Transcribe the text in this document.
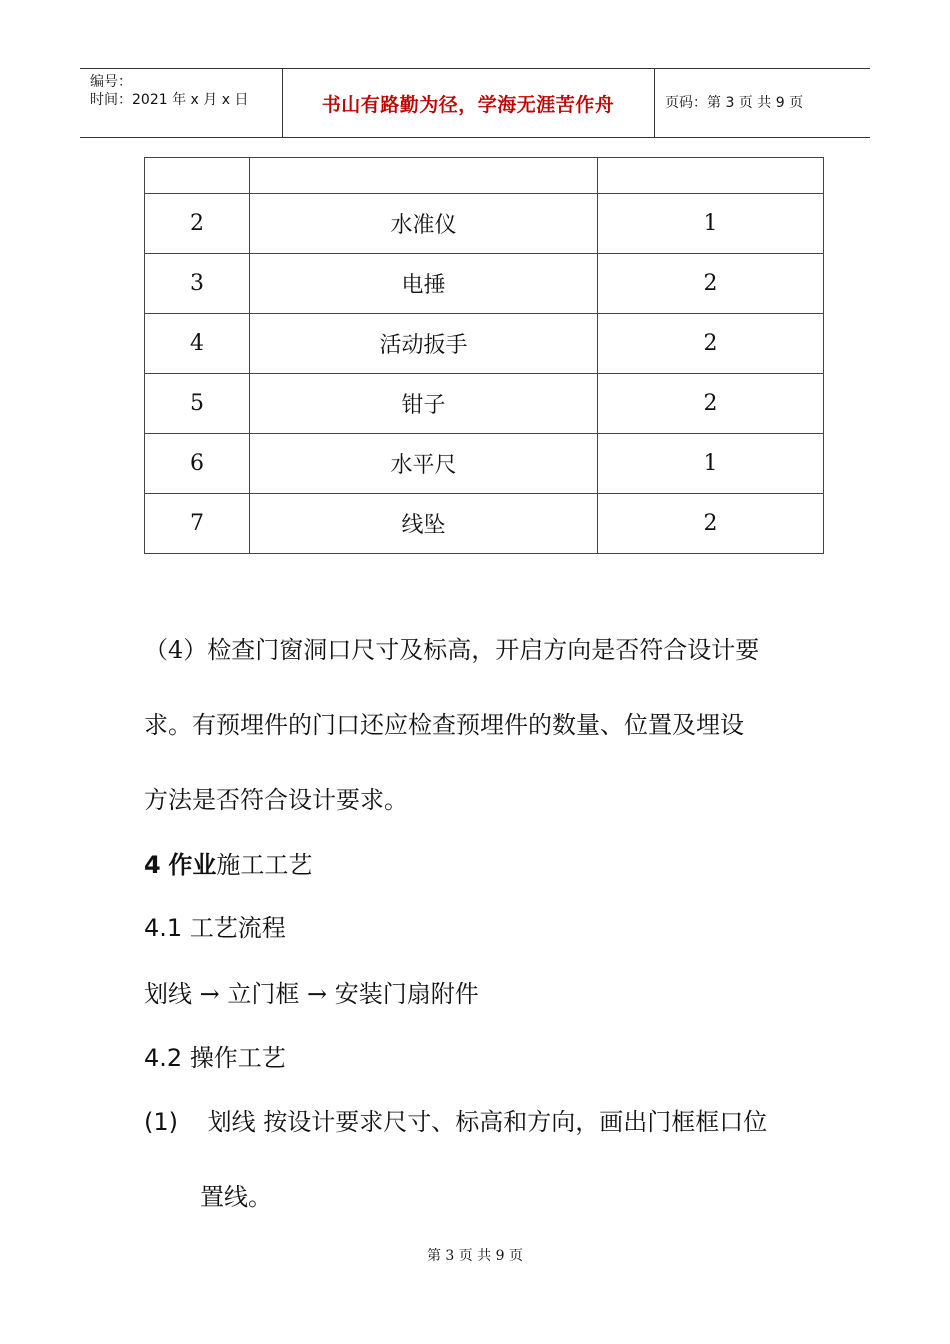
编号：
时间：2021 年 x 月 x 日	书山有路勤为径，学海无涯苦作舟	页码：第 3 页 共 9 页

2	水准仪	1
3	电捶	2
4	活动扳手	2
5	钳子	2
6	水平尺	1
7	线坠	2
（4）检查门窗洞口尺寸及标高，开启方向是否符合设计要
求。有预埋件的门口还应检查预埋件的数量、位置及埋设
方法是否符合设计要求。
4 作业施工工艺
4.1 工艺流程
划线 → 立门框 → 安装门扇附件
4.2 操作工艺
(1) 划线 按设计要求尺寸、标高和方向，画出门框框口位
置线。
第 3 页 共 9 页
